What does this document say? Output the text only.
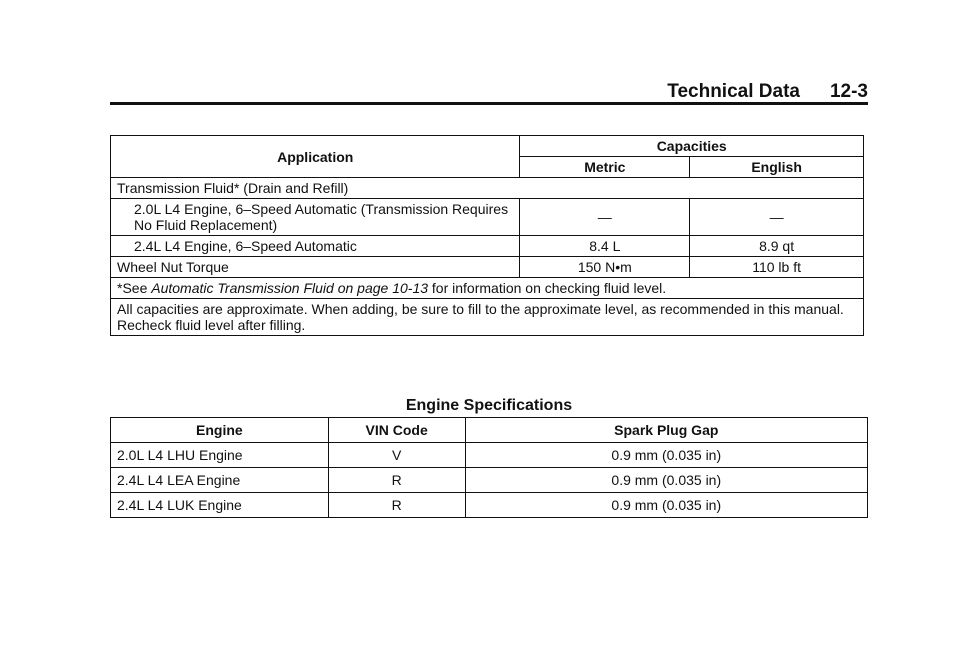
Technical Data 12-3
Application	Capacities	
	Metric	English
Transmission Fluid* (Drain and Refill)		
2.0L L4 Engine, 6–Speed Automatic (Transmission Requires No Fluid Replacement)	—	—
2.4L L4 Engine, 6–Speed Automatic	8.4 L	8.9 qt
Wheel Nut Torque	150 N•m	110 lb ft
*See Automatic Transmission Fluid on page 10-13 for information on checking fluid level.		
All capacities are approximate. When adding, be sure to fill to the approximate level, as recommended in this manual. Recheck fluid level after filling.		
Engine Specifications
Engine	VIN Code	Spark Plug Gap
2.0L L4 LHU Engine	V	0.9 mm (0.035 in)
2.4L L4 LEA Engine	R	0.9 mm (0.035 in)
2.4L L4 LUK Engine	R	0.9 mm (0.035 in)
